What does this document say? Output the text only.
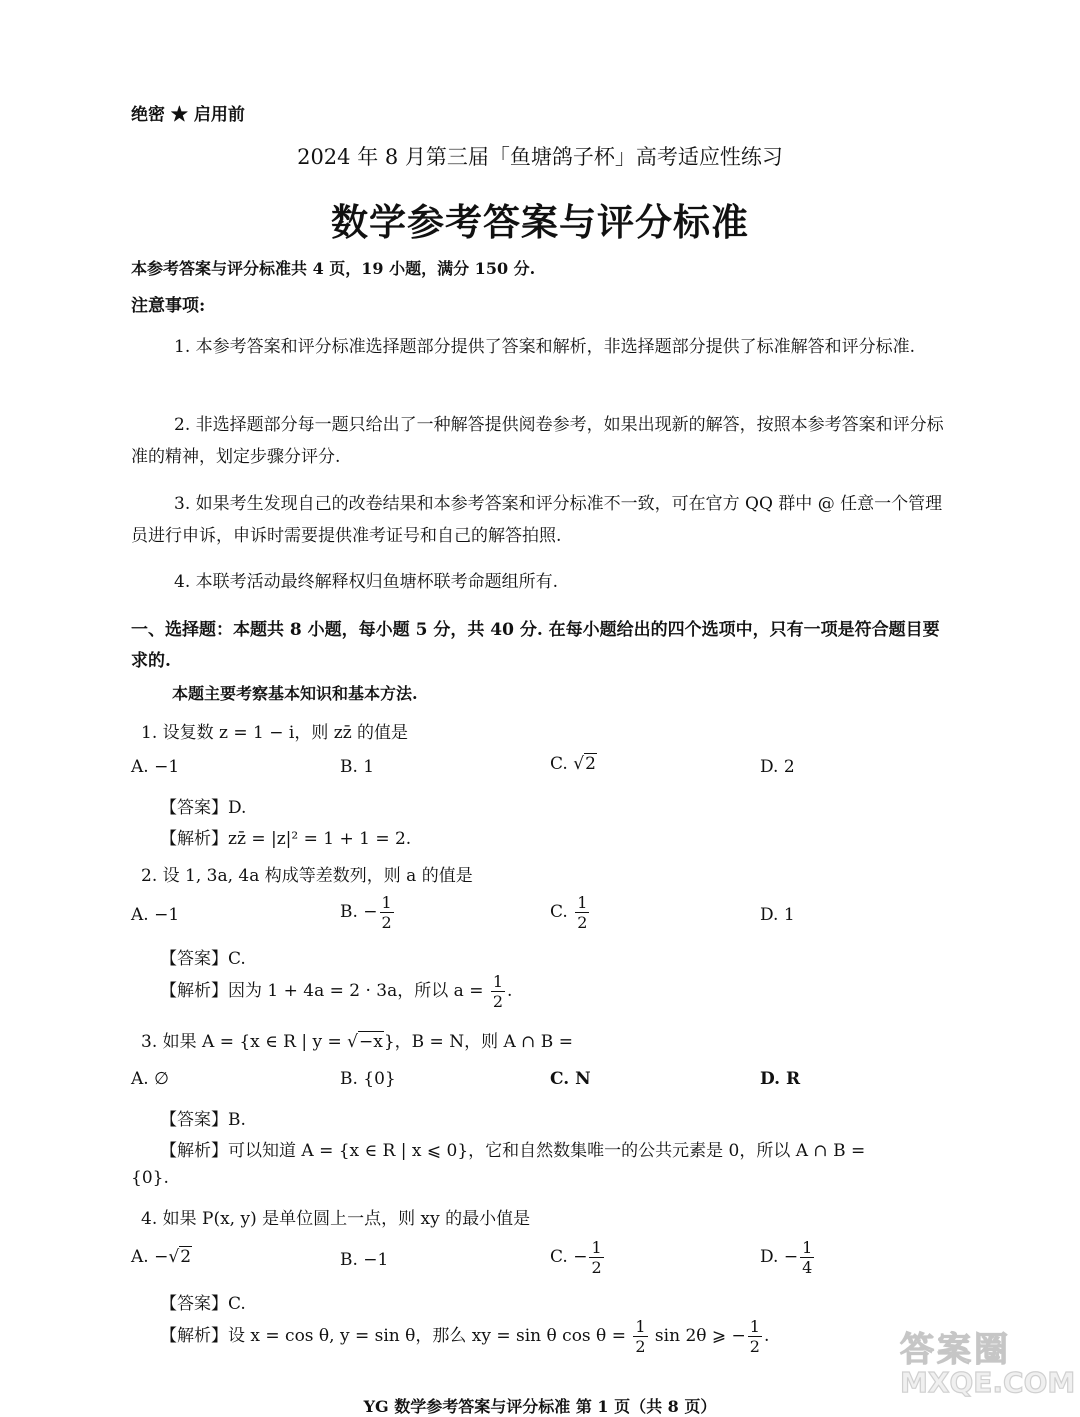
绝密 ★ 启用前
2024 年 8 月第三届「鱼塘鸽子杯」高考适应性练习
数学参考答案与评分标准
本参考答案与评分标准共 4 页，19 小题，满分 150 分.
注意事项:
1. 本参考答案和评分标准选择题部分提供了答案和解析，非选择题部分提供了标准解答和评分标准.
2. 非选择题部分每一题只给出了一种解答提供阅卷参考，如果出现新的解答，按照本参考答案和评分标准的精神，划定步骤分评分.
3. 如果考生发现自己的改卷结果和本参考答案和评分标准不一致，可在官方 QQ 群中 @ 任意一个管理员进行申诉，申诉时需要提供准考证号和自己的解答拍照.
4. 本联考活动最终解释权归鱼塘杯联考命题组所有.
一、选择题：本题共 8 小题，每小题 5 分，共 40 分. 在每小题给出的四个选项中，只有一项是符合题目要求的.
本题主要考察基本知识和基本方法.
1. 设复数 z = 1 − i，则 zz̄ 的值是
A. −1	B. 1	C. √2	D. 2
【答案】D.
【解析】zz̄ = |z|² = 1 + 1 = 2.
2. 设 1, 3a, 4a 构成等差数列，则 a 的值是
A. −1	B. − $\frac{1}{2}$	C. $\frac{1}{2}$	D. 1
【答案】C.
【解析】因为 1 + 4a = 2 · 3a，所以 $a = \frac{1}{2}$ .
3. 如果 A = {x ∈ R | y = √−x}，B = N，则 A ∩ B =
A. ∅	B. {0}	C. N	D. R
【答案】B.
【解析】可以知道 A = {x ∈ R | x ⩽ 0}，它和自然数集唯一的公共元素是 0，所以 A ∩ B =
{0}.
4. 如果 P(x, y) 是单位圆上一点，则 xy 的最小值是
A. −√2	B. −1	C. − $\frac{1}{2}$	D. − $\frac{1}{4}$
【答案】C.
【解析】设 x = cos θ, y = sin θ，那么 xy = sin θ $\cos \theta = \frac{1}{2}$ sin 2θ ⩾ − $\frac{1}{2}$ .
YG 数学参考答案与评分标准 第 1 页（共 8 页）
答案圈
MXQE.COM
